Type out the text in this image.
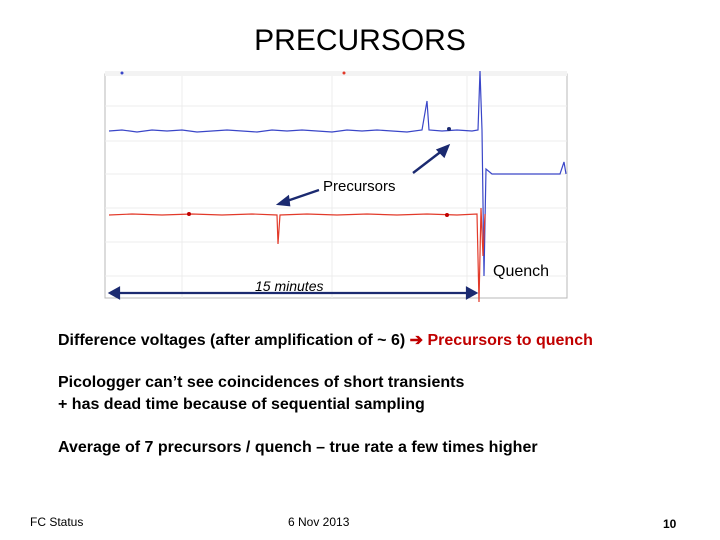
PRECURSORS
Precursors
Quench
15 minutes
Difference voltages (after amplification of ~ 6) ➔ Precursors to quench
Picologger can’t see coincidences of short transients
+ has dead time because of sequential sampling
Average of 7 precursors / quench – true rate a few times higher
FC Status	6 Nov 2013	10
